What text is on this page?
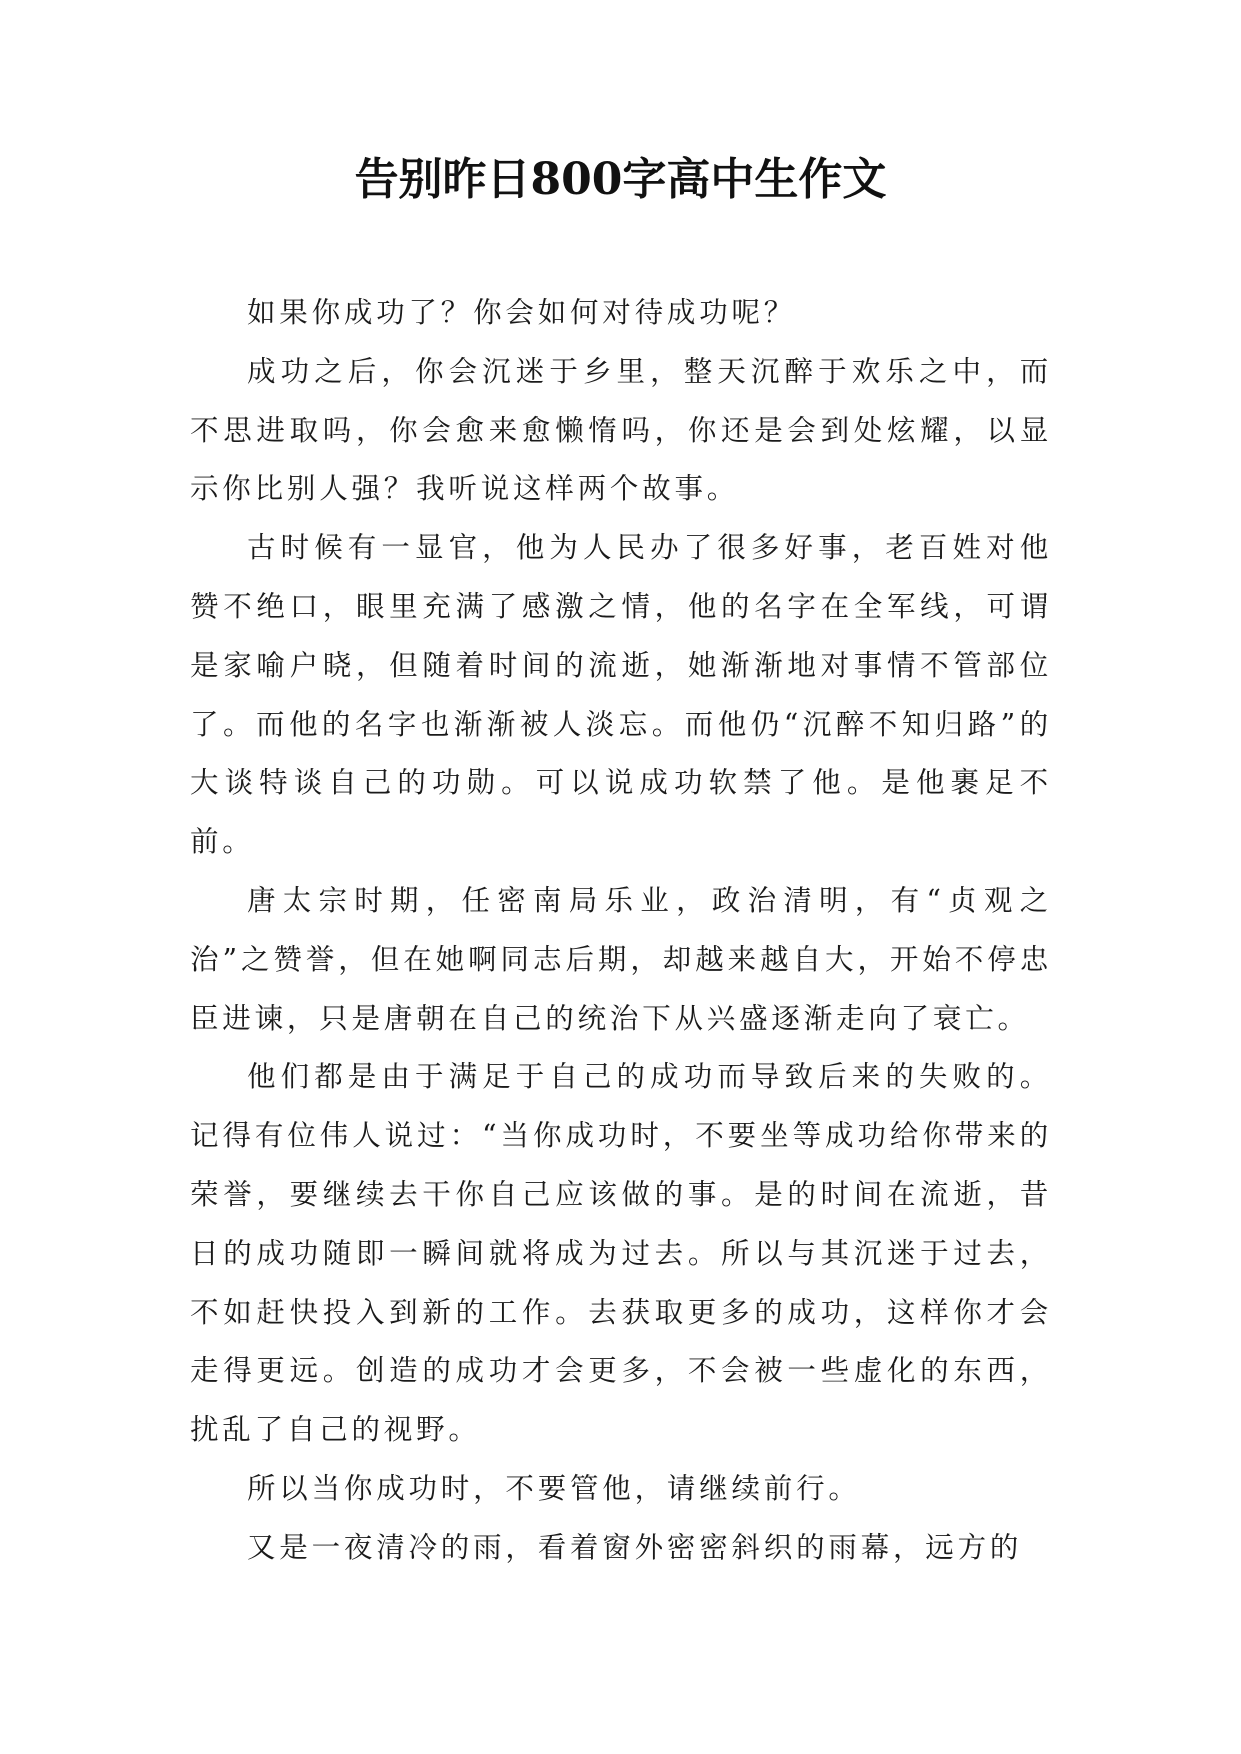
告别昨日800字高中生作文

如果你成功了？你会如何对待成功呢？

成功之后，你会沉迷于乡里，整天沉醉于欢乐之中，而不思进取吗，你会愈来愈懒惰吗，你还是会到处炫耀，以显示你比别人强？我听说这样两个故事。

古时候有一显官，他为人民办了很多好事，老百姓对他赞不绝口，眼里充满了感激之情，他的名字在全军线，可谓是家喻户晓，但随着时间的流逝，她渐渐地对事情不管部位了。而他的名字也渐渐被人淡忘。而他仍“沉醉不知归路”的大谈特谈自己的功勋。可以说成功软禁了他。是他裹足不前。

唐太宗时期，任密南局乐业，政治清明，有“贞观之治”之赞誉，但在她啊同志后期，却越来越自大，开始不停忠臣进谏，只是唐朝在自己的统治下从兴盛逐渐走向了衰亡。

他们都是由于满足于自己的成功而导致后来的失败的。记得有位伟人说过：“当你成功时，不要坐等成功给你带来的荣誉，要继续去干你自己应该做的事。是的时间在流逝，昔日的成功随即一瞬间就将成为过去。所以与其沉迷于过去，不如赶快投入到新的工作。去获取更多的成功，这样你才会走得更远。创造的成功才会更多，不会被一些虚化的东西，扰乱了自己的视野。

所以当你成功时，不要管他，请继续前行。

又是一夜清冷的雨，看着窗外密密斜织的雨幕，远方的
